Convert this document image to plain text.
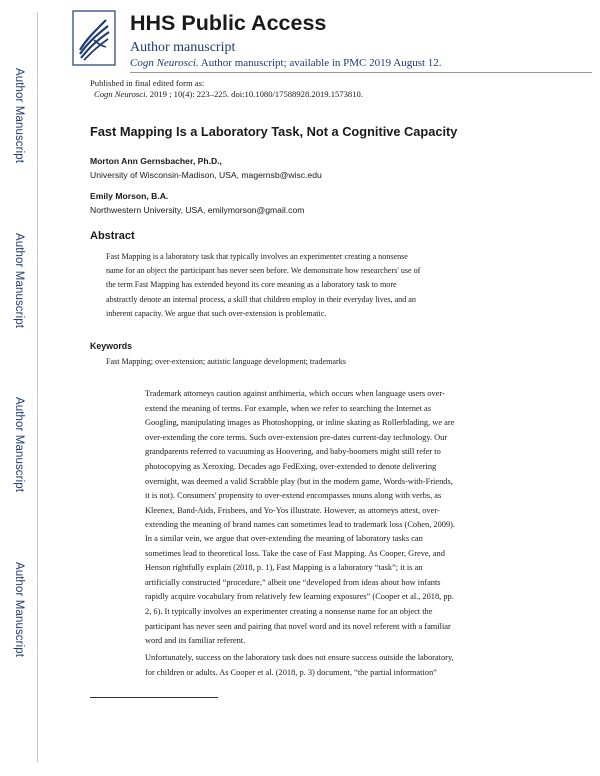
Author Manuscript
Author Manuscript
Author Manuscript
Author Manuscript
HHS Public Access
Author manuscript
Cogn Neurosci. Author manuscript; available in PMC 2019 August 12.
Published in final edited form as:
Cogn Neurosci. 2019 ; 10(4): 223–225. doi:10.1080/17588928.2019.1573810.
Fast Mapping Is a Laboratory Task, Not a Cognitive Capacity
Morton Ann Gernsbacher, Ph.D.,
University of Wisconsin-Madison, USA, magernsb@wisc.edu
Emily Morson, B.A.
Northwestern University, USA, emilymorson@gmail.com
Abstract
Fast Mapping is a laboratory task that typically involves an experimenter creating a nonsense
name for an object the participant has never seen before. We demonstrate how researchers' use of
the term Fast Mapping has extended beyond its core meaning as a laboratory task to more
abstractly denote an internal process, a skill that children employ in their everyday lives, and an
inherent capacity. We argue that such over-extension is problematic.
Keywords
Fast Mapping; over-extension; autistic language development; trademarks
Trademark attorneys caution against anthimeria, which occurs when language users over-
extend the meaning of terms. For example, when we refer to searching the Internet as
Googling, manipulating images as Photoshopping, or inline skating as Rollerblading, we are
over-extending the core terms. Such over-extension pre-dates current-day technology. Our
grandparents referred to vacuuming as Hoovering, and baby-boomers might still refer to
photocopying as Xeroxing. Decades ago FedExing, over-extended to denote delivering
overnight, was deemed a valid Scrabble play (but in the modern game, Words-with-Friends,
it is not). Consumers' propensity to over-extend encompasses nouns along with verbs, as
Kleenex, Band-Aids, Frisbees, and Yo-Yos illustrate. However, as attorneys attest, over-
extending the meaning of brand names can sometimes lead to trademark loss (Cohen, 2009).
In a similar vein, we argue that over-extending the meaning of laboratory tasks can
sometimes lead to theoretical loss. Take the case of Fast Mapping. As Cooper, Greve, and
Henson rightfully explain (2018, p. 1), Fast Mapping is a laboratory “task”; it is an
artificially constructed “procedure,” albeit one “developed from ideas about how infants
rapidly acquire vocabulary from relatively few learning exposures” (Cooper et al., 2018, pp.
2, 6). It typically involves an experimenter creating a nonsense name for an object the
participant has never seen and pairing that novel word and its novel referent with a familiar
word and its familiar referent.
Unfortunately, success on the laboratory task does not ensure success outside the laboratory,
for children or adults. As Cooper et al. (2018, p. 3) document, “the partial information”
